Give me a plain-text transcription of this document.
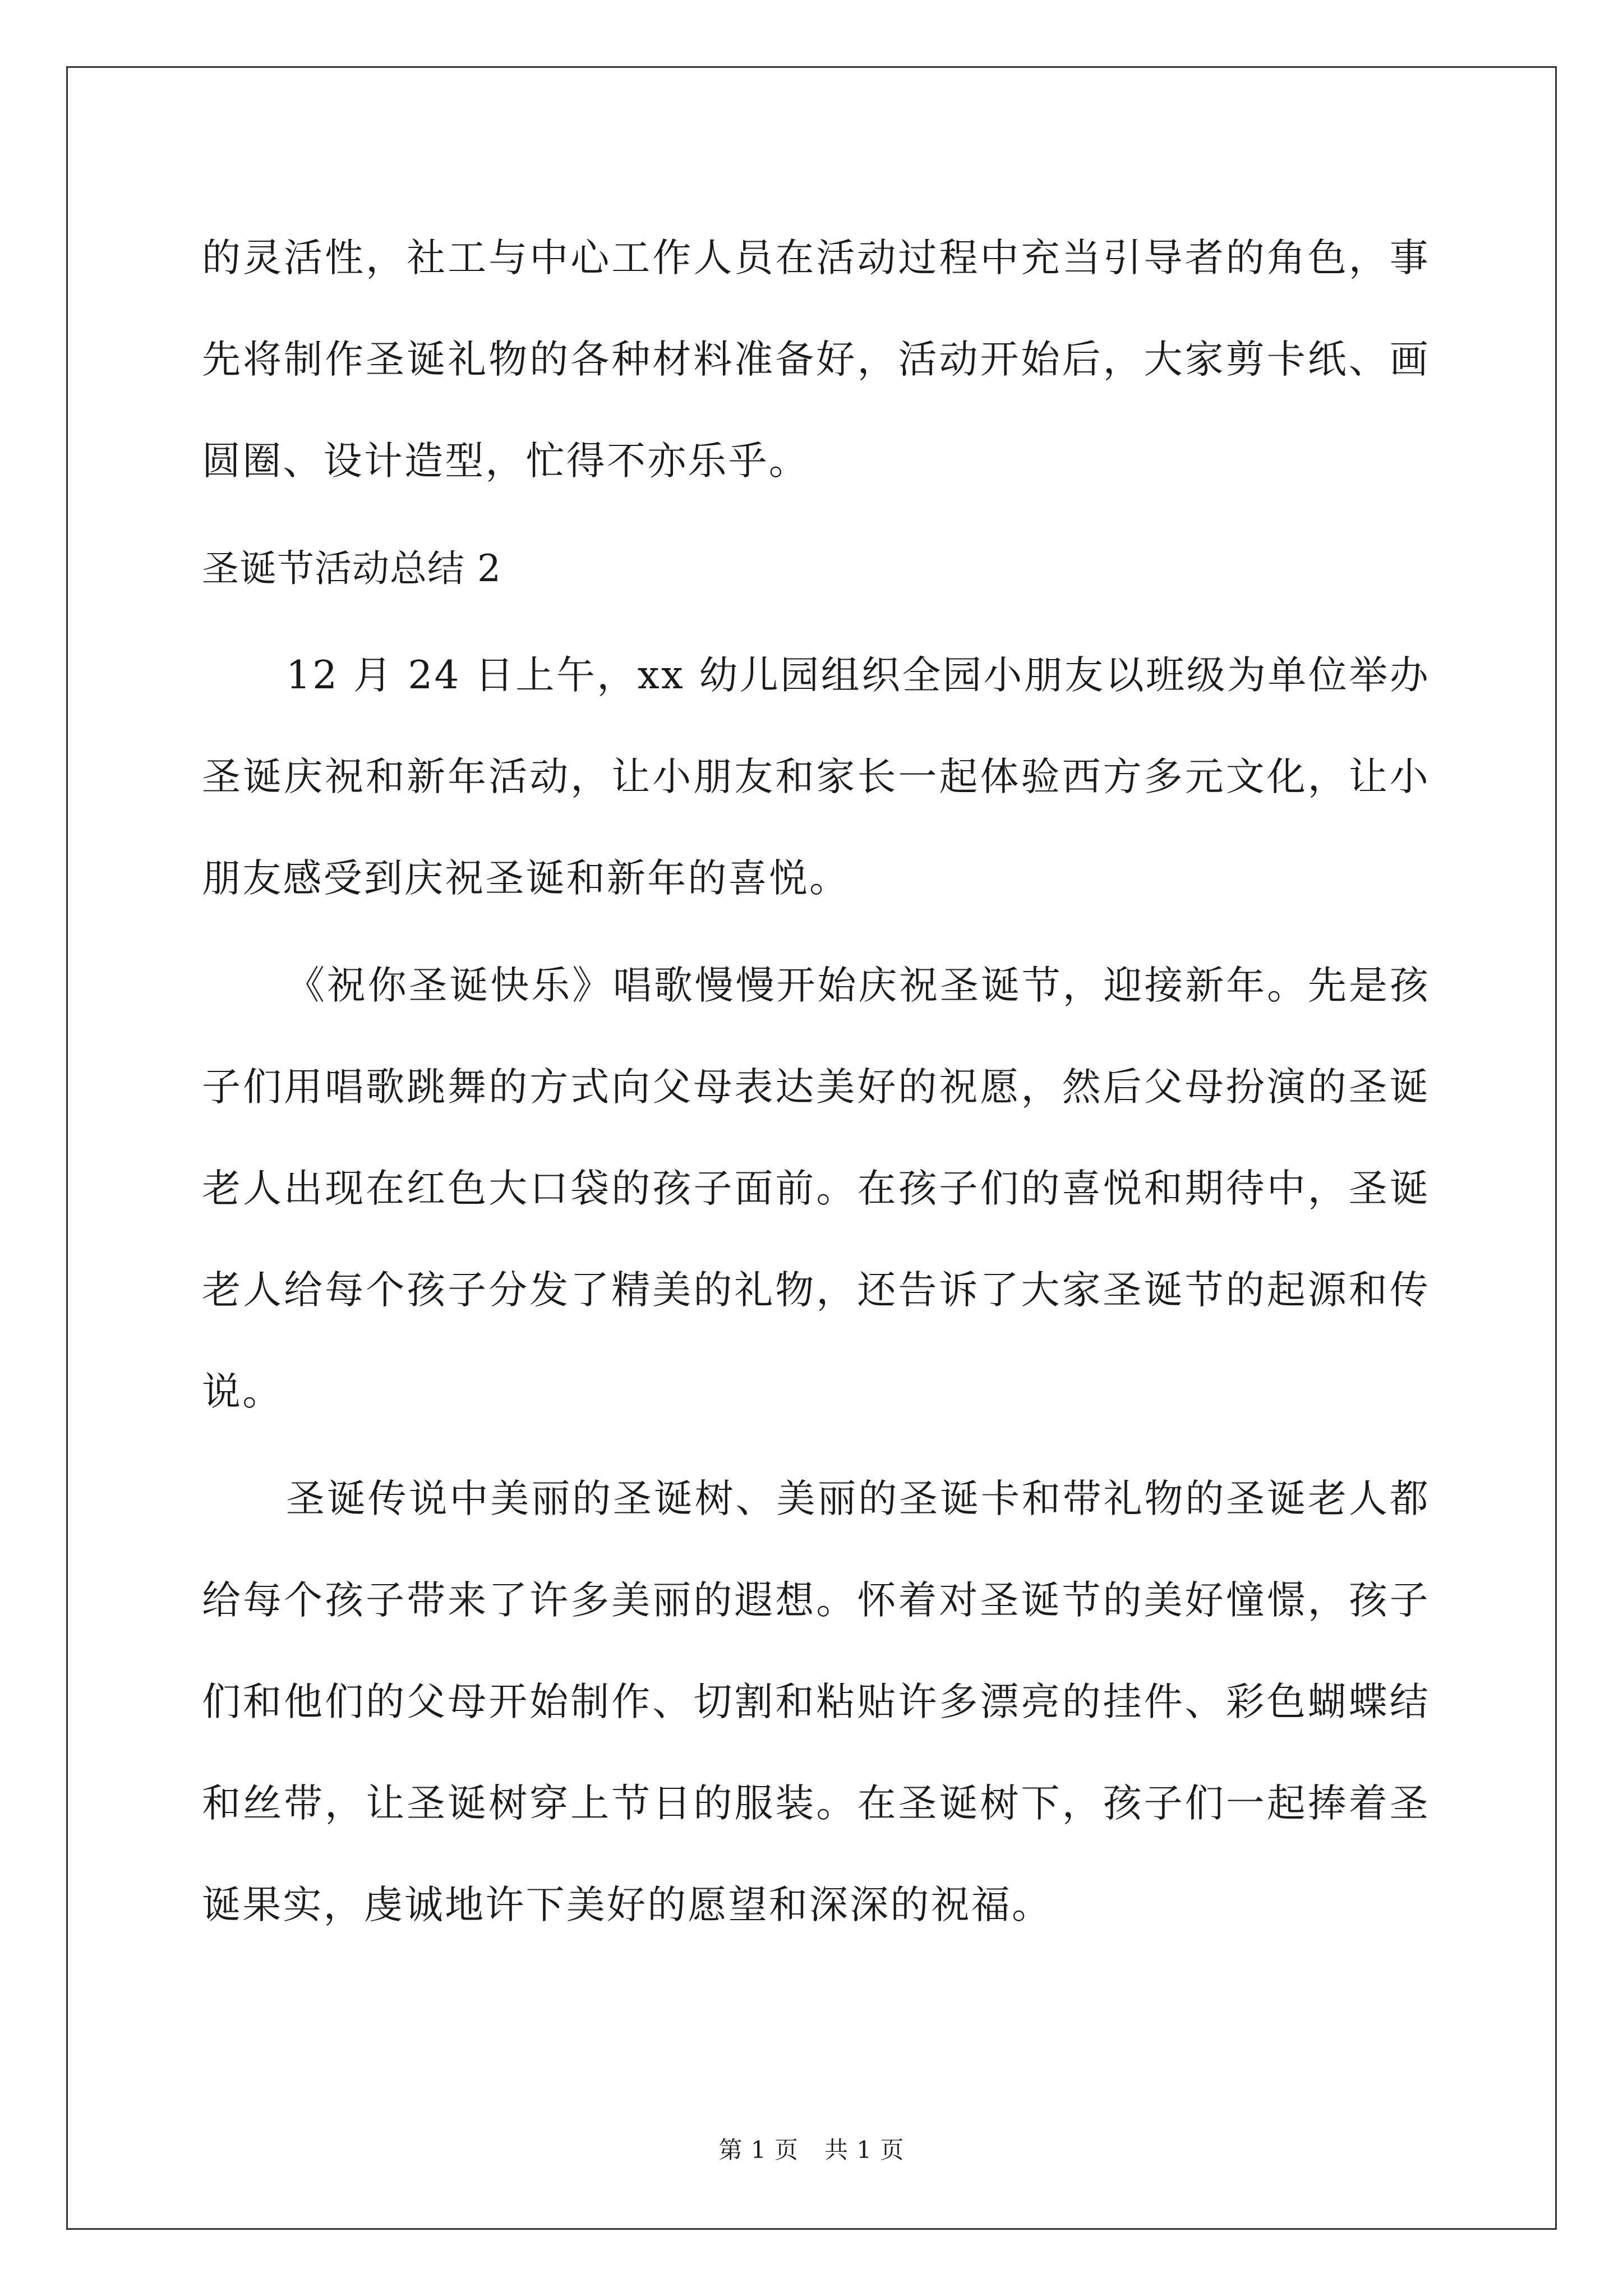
的灵活性，社工与中心工作人员在活动过程中充当引导者的角色，事先将制作圣诞礼物的各种材料准备好，活动开始后，大家剪卡纸、画圆圈、设计造型，忙得不亦乐乎。

圣诞节活动总结 2

12 月 24 日上午，xx 幼儿园组织全园小朋友以班级为单位举办圣诞庆祝和新年活动，让小朋友和家长一起体验西方多元文化，让小朋友感受到庆祝圣诞和新年的喜悦。

《祝你圣诞快乐》唱歌慢慢开始庆祝圣诞节，迎接新年。先是孩子们用唱歌跳舞的方式向父母表达美好的祝愿，然后父母扮演的圣诞老人出现在红色大口袋的孩子面前。在孩子们的喜悦和期待中，圣诞老人给每个孩子分发了精美的礼物，还告诉了大家圣诞节的起源和传说。

圣诞传说中美丽的圣诞树、美丽的圣诞卡和带礼物的圣诞老人都给每个孩子带来了许多美丽的遐想。怀着对圣诞节的美好憧憬，孩子们和他们的父母开始制作、切割和粘贴许多漂亮的挂件、彩色蝴蝶结和丝带，让圣诞树穿上节日的服装。在圣诞树下，孩子们一起捧着圣诞果实，虔诚地许下美好的愿望和深深的祝福。

第 1 页 共 1 页
